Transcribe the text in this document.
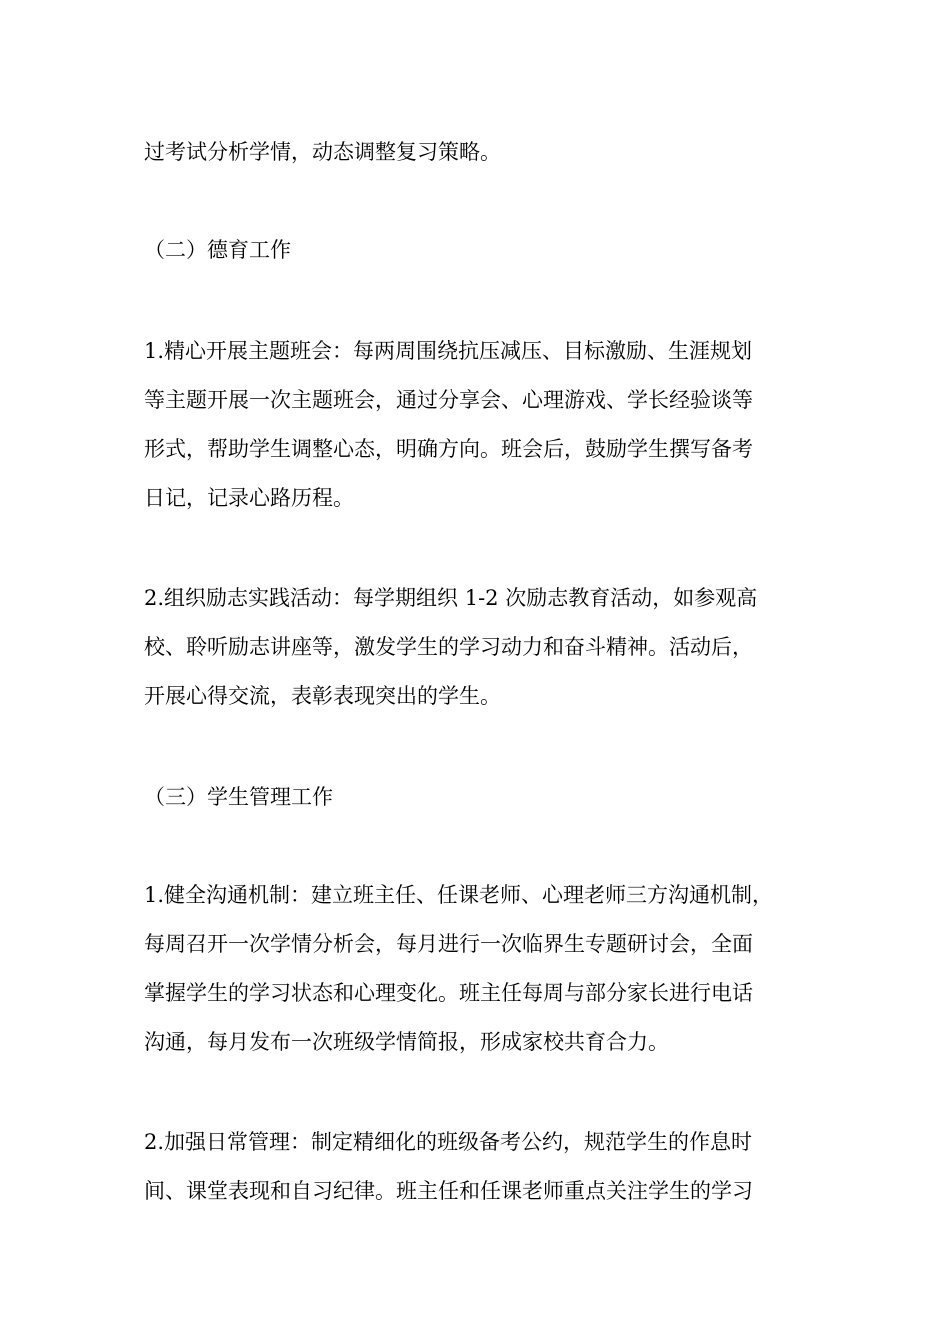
过考试分析学情，动态调整复习策略。
（二）德育工作
1.精心开展主题班会：每两周围绕抗压减压、目标激励、生涯规划
等主题开展一次主题班会，通过分享会、心理游戏、学长经验谈等
形式，帮助学生调整心态，明确方向。班会后，鼓励学生撰写备考
日记，记录心路历程。
2.组织励志实践活动：每学期组织 1-2 次励志教育活动，如参观高
校、聆听励志讲座等，激发学生的学习动力和奋斗精神。活动后，
开展心得交流，表彰表现突出的学生。
（三）学生管理工作
1.健全沟通机制：建立班主任、任课老师、心理老师三方沟通机制，
每周召开一次学情分析会，每月进行一次临界生专题研讨会，全面
掌握学生的学习状态和心理变化。班主任每周与部分家长进行电话
沟通，每月发布一次班级学情简报，形成家校共育合力。
2.加强日常管理：制定精细化的班级备考公约，规范学生的作息时
间、课堂表现和自习纪律。班主任和任课老师重点关注学生的学习
